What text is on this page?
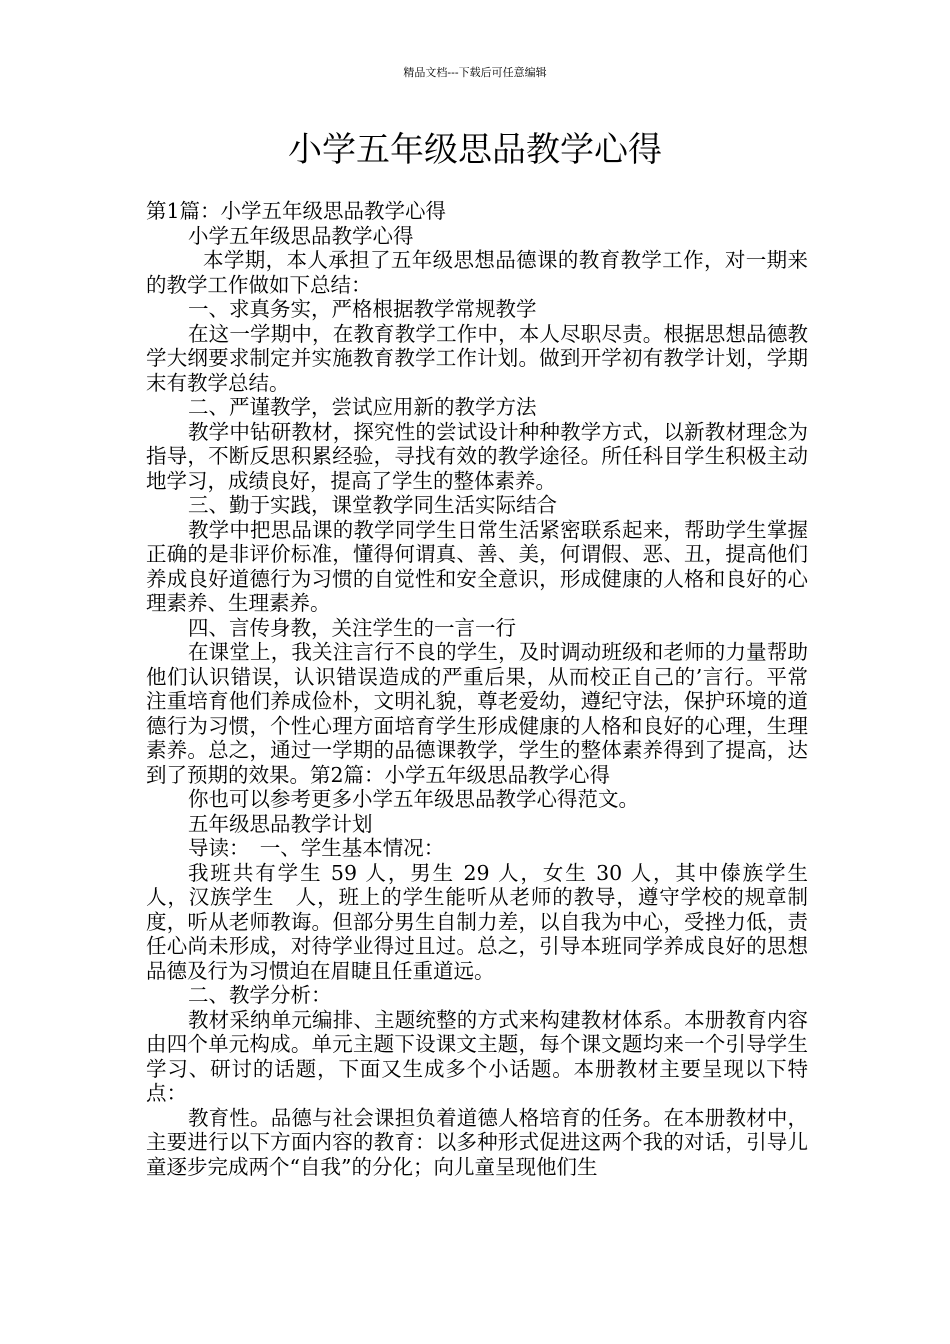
精品文档---下载后可任意编辑
小学五年级思品教学心得

第1篇：小学五年级思品教学心得

小学五年级思品教学心得

本学期，本人承担了五年级思想品德课的教育教学工作，对一期来的教学工作做如下总结：

一、求真务实，严格根据教学常规教学

在这一学期中，在教育教学工作中，本人尽职尽责。根据思想品德教学大纲要求制定并实施教育教学工作计划。做到开学初有教学计划，学期末有教学总结。

二、严谨教学，尝试应用新的教学方法

教学中钻研教材，探究性的尝试设计种种教学方式，以新教材理念为指导，不断反思积累经验，寻找有效的教学途径。所任科目学生积极主动地学习，成绩良好，提高了学生的整体素养。

三、勤于实践，课堂教学同生活实际结合

教学中把思品课的教学同学生日常生活紧密联系起来，帮助学生掌握正确的是非评价标准，懂得何谓真、善、美，何谓假、恶、丑，提高他们养成良好道德行为习惯的自觉性和安全意识，形成健康的人格和良好的心理素养、生理素养。

四、言传身教，关注学生的一言一行

在课堂上，我关注言行不良的学生，及时调动班级和老师的力量帮助他们认识错误，认识错误造成的严重后果，从而校正自己的’言行。平常注重培育他们养成俭朴，文明礼貌，尊老爱幼，遵纪守法，保护环境的道德行为习惯，个性心理方面培育学生形成健康的人格和良好的心理，生理素养。总之，通过一学期的品德课教学，学生的整体素养得到了提高，达到了预期的效果。第2篇：小学五年级思品教学心得

你也可以参考更多小学五年级思品教学心得范文。

五年级思品教学计划

导读：　一、学生基本情况：

我班共有学生 59 人，男生 29 人，女生 30 人，其中傣族学生　人，汉族学生　人，班上的学生能听从老师的教导，遵守学校的规章制度，听从老师教诲。但部分男生自制力差，以自我为中心，受挫力低，责任心尚未形成，对待学业得过且过。总之，引导本班同学养成良好的思想品德及行为习惯迫在眉睫且任重道远。

二、教学分析：

教材采纳单元编排、主题统整的方式来构建教材体系。本册教育内容由四个单元构成。单元主题下设课文主题，每个课文题均来一个引导学生学习、研讨的话题，下面又生成多个小话题。本册教材主要呈现以下特点：

教育性。品德与社会课担负着道德人格培育的任务。在本册教材中，主要进行以下方面内容的教育：以多种形式促进这两个我的对话，引导儿童逐步完成两个“自我”的分化；向儿童呈现他们生
